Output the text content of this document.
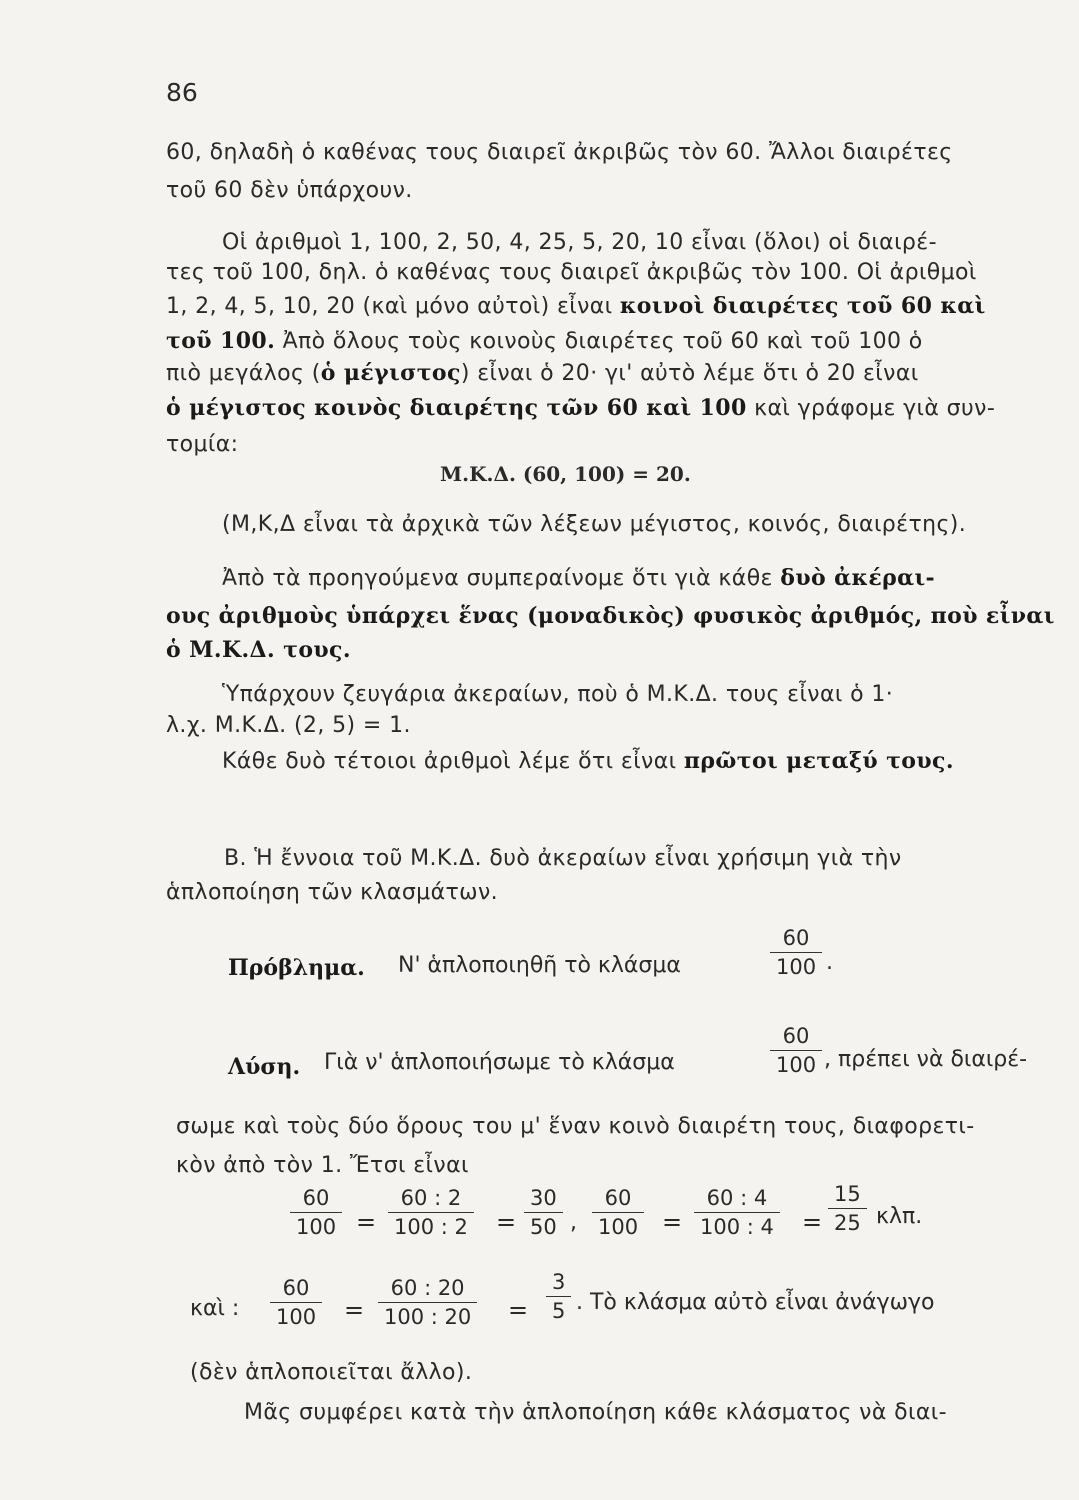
86
60, δηλαδὴ ὁ καθένας τους διαιρεῖ ἀκριβῶς τὸν 60. Ἄλλοι διαιρέτες
τοῦ 60 δὲν ὑπάρχουν.
Οἱ ἀριθμοὶ 1, 100, 2, 50, 4, 25, 5, 20, 10 εἶναι (ὅλοι) οἱ διαιρέ-
τες τοῦ 100, δηλ. ὁ καθένας τους διαιρεῖ ἀκριβῶς τὸν 100. Οἱ ἀριθμοὶ
1, 2, 4, 5, 10, 20 (καὶ μόνο αὐτοὶ) εἶναι κοινοὶ διαιρέτες τοῦ 60 καὶ
τοῦ 100. Ἀπὸ ὅλους τοὺς κοινοὺς διαιρέτες τοῦ 60 καὶ τοῦ 100 ὁ
πιὸ μεγάλος (ὁ μέγιστος) εἶναι ὁ 20· γι' αὐτὸ λέμε ὅτι ὁ 20 εἶναι
ὁ μέγιστος κοινὸς διαιρέτης τῶν 60 καὶ 100 καὶ γράφομε γιὰ συν-
τομία:
Μ.Κ.Δ. (60, 100) = 20.
(Μ,Κ,Δ εἶναι τὰ ἀρχικὰ τῶν λέξεων μέγιστος, κοινός, διαιρέτης).
Ἀπὸ τὰ προηγούμενα συμπεραίνομε ὅτι γιὰ κάθε δυὸ ἀκέραι-
ους ἀριθμοὺς ὑπάρχει ἕνας (μοναδικὸς) φυσικὸς ἀριθμός, ποὺ εἶναι
ὁ Μ.Κ.Δ. τους.
Ὑπάρχουν ζευγάρια ἀκεραίων, ποὺ ὁ Μ.Κ.Δ. τους εἶναι ὁ 1·
λ.χ. Μ.Κ.Δ. (2, 5) = 1.
Κάθε δυὸ τέτοιοι ἀριθμοὶ λέμε ὅτι εἶναι πρῶτοι μεταξύ τους.
Β. Ἡ ἔννοια τοῦ Μ.Κ.Δ. δυὸ ἀκεραίων εἶναι χρήσιμη γιὰ τὴν
ἁπλοποίηση τῶν κλασμάτων.
Πρόβλημα. Ν' ἁπλοποιηθῆ τὸ κλάσμα
60
100 .
Λύση. Γιὰ ν' ἁπλοποιήσωμε τὸ κλάσμα
60
100 , πρέπει νὰ διαιρέ-
σωμε καὶ τοὺς δύο ὅρους του μ' ἕναν κοινὸ διαιρέτη τους, διαφορετι-
κὸν ἀπὸ τὸν 1. Ἔτσι εἶναι
60
100 =
60 : 2
100 : 2 =
30
50 ,
60
100 =
60 : 4
100 : 4 =
15
25 κλπ.
καὶ :
60
100 =
60 : 20
100 : 20 =
3
5 . Τὸ κλάσμα αὐτὸ εἶναι ἀνάγωγο
(δὲν ἁπλοποιεῖται ἄλλο).
Μᾶς συμφέρει κατὰ τὴν ἁπλοποίηση κάθε κλάσματος νὰ διαι-
